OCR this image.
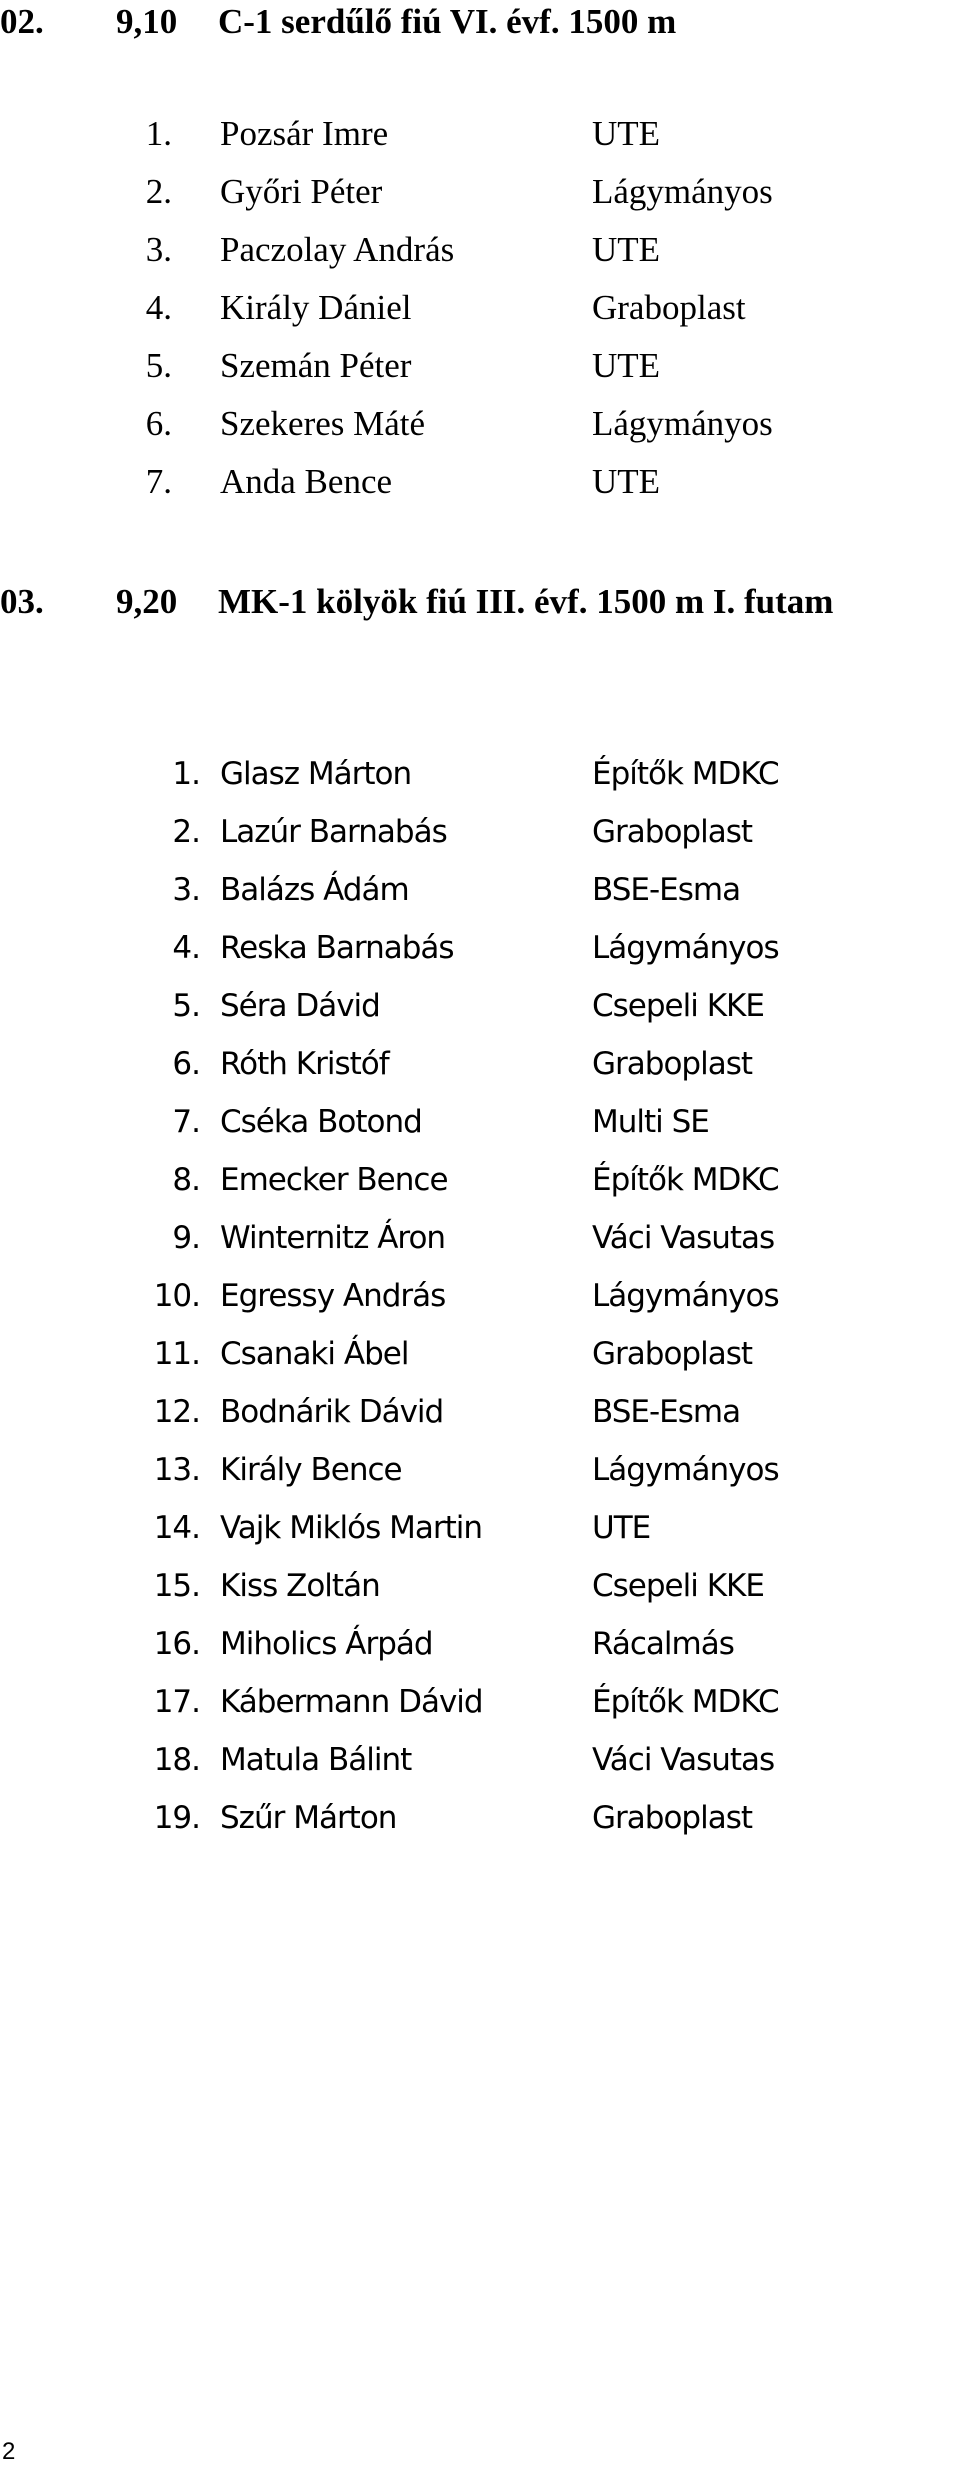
02. 9,10 C-1 serdűlő fiú VI. évf. 1500 m
1. Pozsár Imre	UTE
2. Győri Péter	Lágymányos
3. Paczolay András	UTE
4. Király Dániel	Graboplast
5. Szemán Péter	UTE
6. Szekeres Máté	Lágymányos
7. Anda Bence	UTE
03. 9,20 MK-1 kölyök fiú III. évf. 1500 m I. futam
1. Glasz Márton	Építők MDKC
2. Lazúr Barnabás	Graboplast
3. Balázs Ádám	BSE-Esma
4. Reska Barnabás	Lágymányos
5. Séra Dávid	Csepeli KKE
6. Róth Kristóf	Graboplast
7. Cséka Botond	Multi SE
8. Emecker Bence	Építők MDKC
9. Winternitz Áron	Váci Vasutas
10. Egressy András	Lágymányos
11. Csanaki Ábel	Graboplast
12. Bodnárik Dávid	BSE-Esma
13. Király Bence	Lágymányos
14. Vajk Miklós Martin	UTE
15. Kiss Zoltán	Csepeli KKE
16. Miholics Árpád	Rácalmás
17. Kábermann Dávid	Építők MDKC
18. Matula Bálint	Váci Vasutas
19. Szűr Márton	Graboplast
2
